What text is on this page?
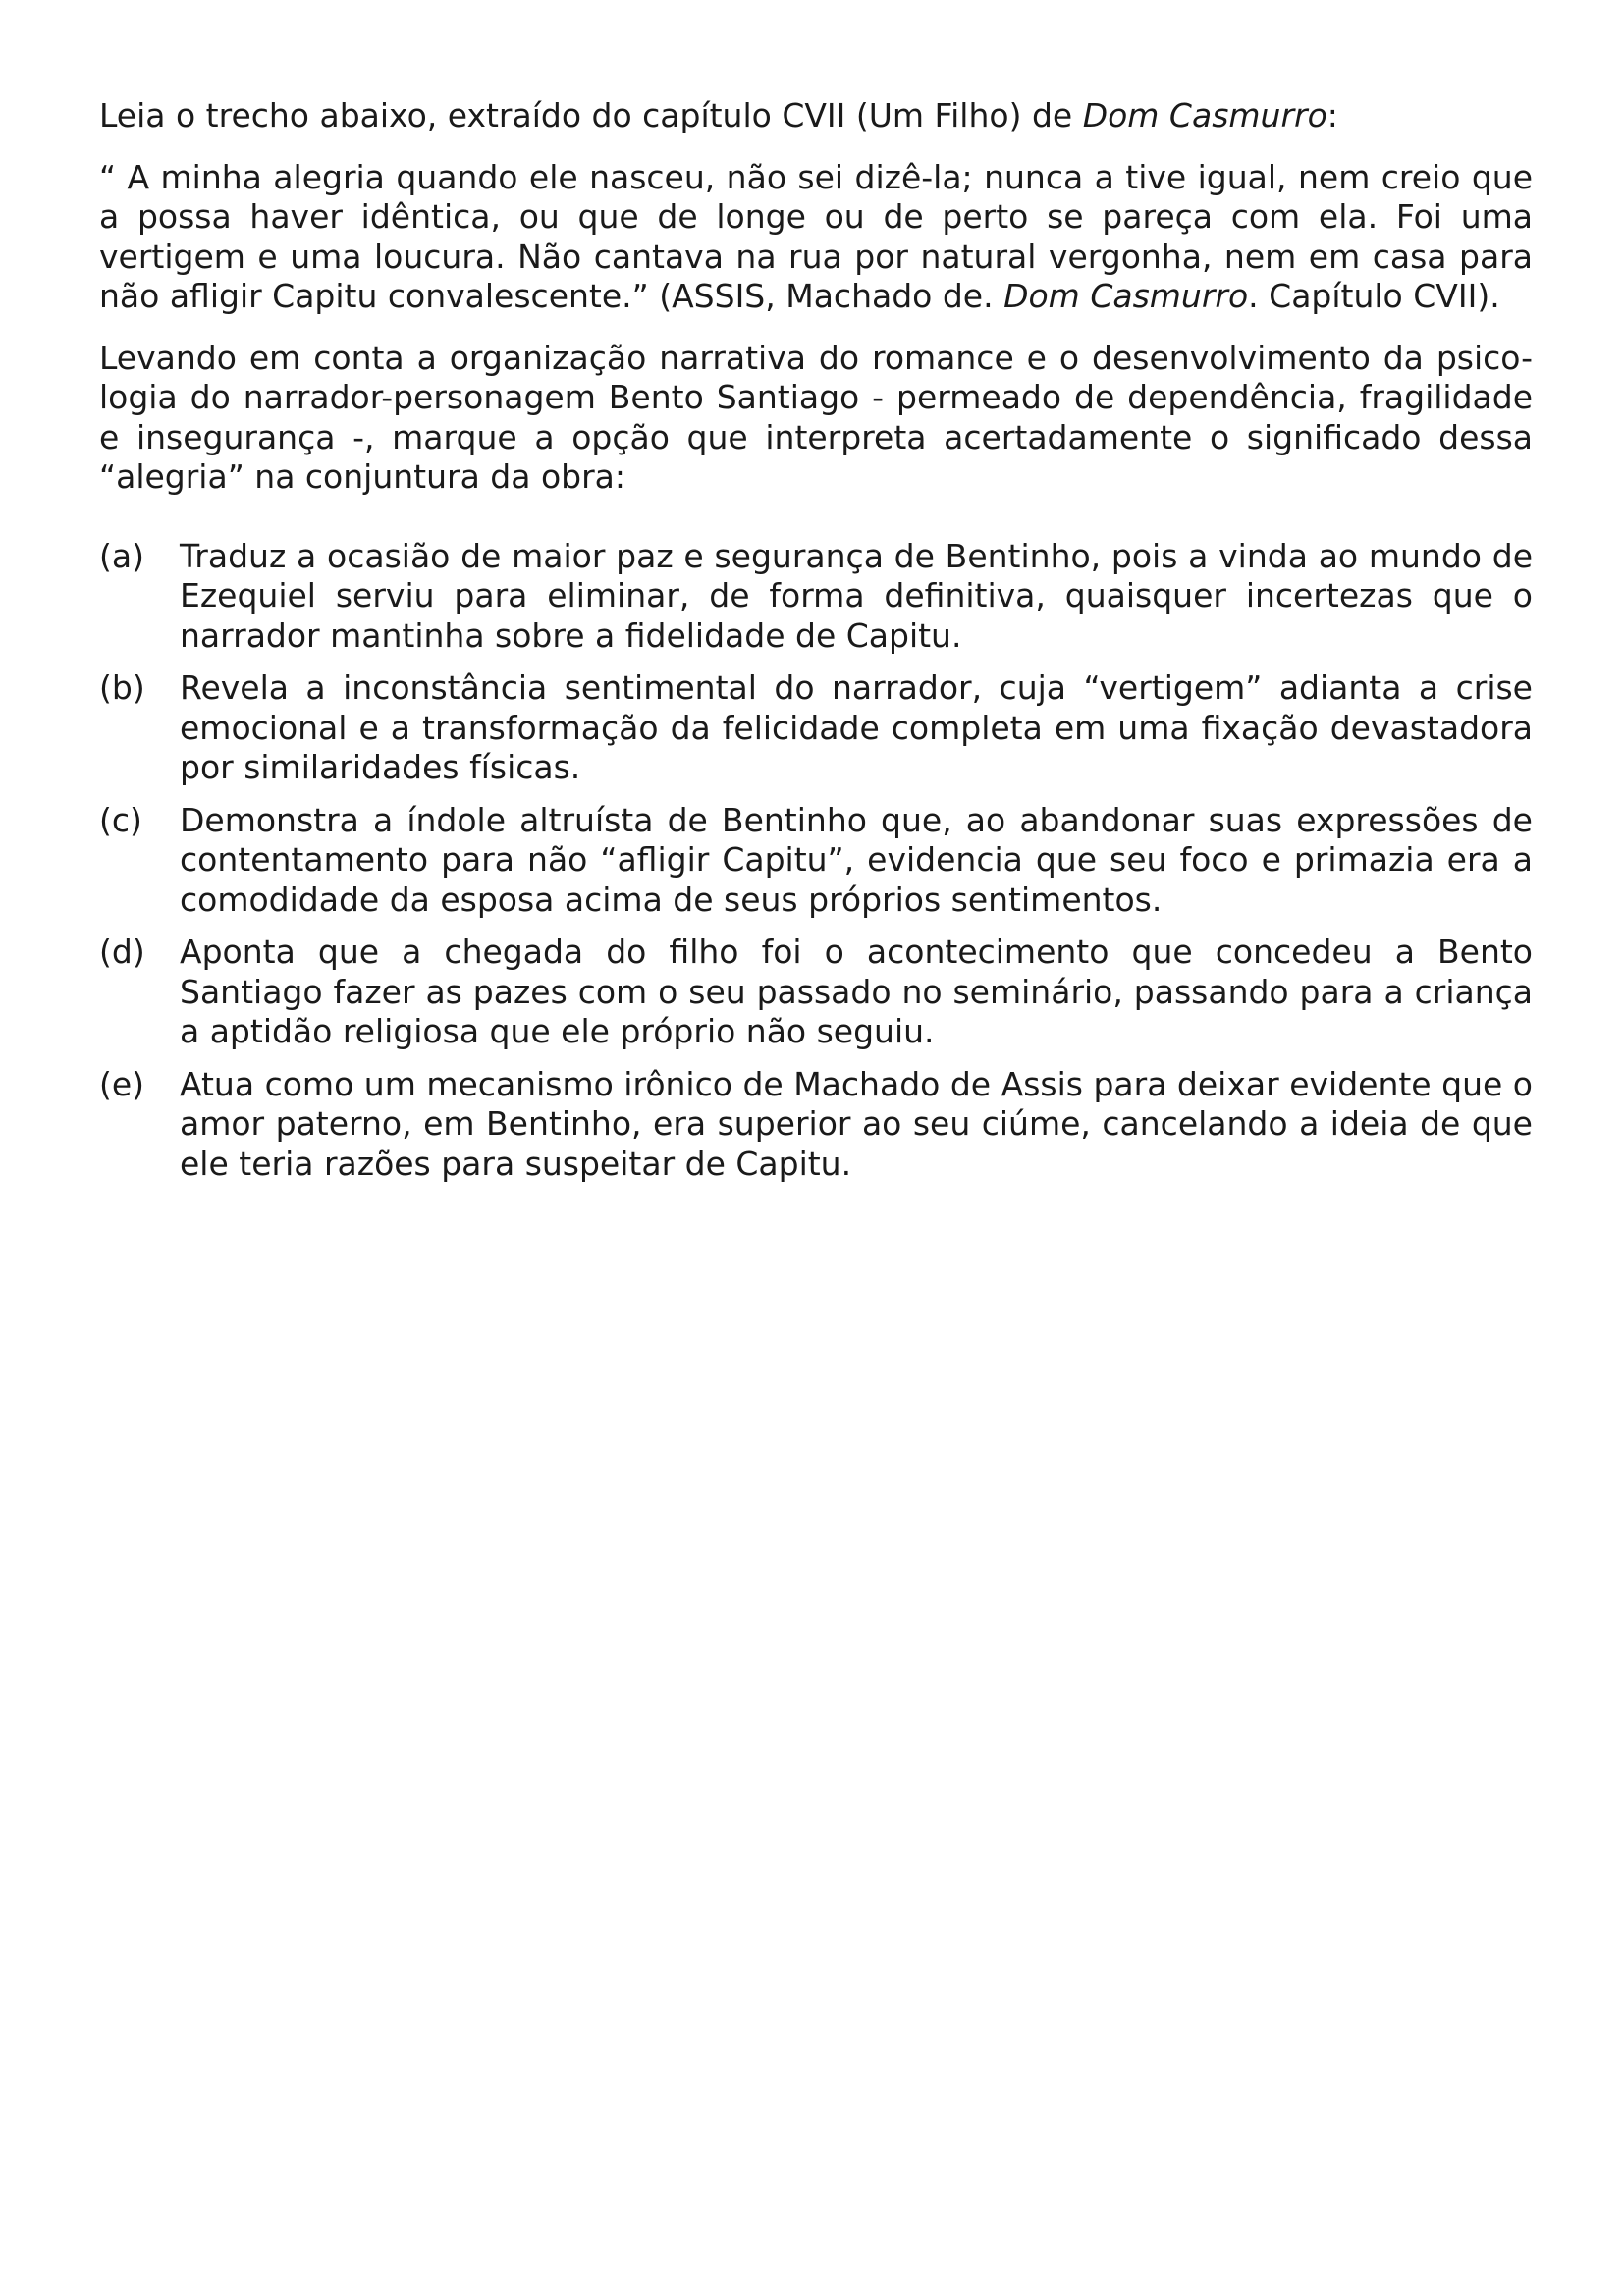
Leia o trecho abaixo, extraído do capítulo CVII (Um Filho) de Dom Casmurro:

“ A minha alegria quando ele nasceu, não sei dizê-la; nunca a tive igual, nem creio que a possa haver idêntica, ou que de longe ou de perto se pareça com ela. Foi uma vertigem e uma loucura. Não cantava na rua por natural vergonha, nem em casa para não afligir Capitu convalescente.” (ASSIS, Machado de. Dom Casmurro. Capítulo CVII).

Levando em conta a organização narrativa do romance e o desenvolvimento da psico-logia do narrador-personagem Bento Santiago - permeado de dependência, fragilidade e insegurança -, marque a opção que interpreta acertadamente o significado dessa “alegria” na conjuntura da obra:

(a)	Traduz a ocasião de maior paz e segurança de Bentinho, pois a vinda ao mundo de Ezequiel serviu para eliminar, de forma definitiva, quaisquer incertezas que o narrador mantinha sobre a fidelidade de Capitu.
(b)	Revela a inconstância sentimental do narrador, cuja “vertigem” adianta a crise emocional e a transformação da felicidade completa em uma fixação devastadora por similaridades físicas.
(c)	Demonstra a índole altruísta de Bentinho que, ao abandonar suas expressões de contentamento para não “afligir Capitu”, evidencia que seu foco e primazia era a comodidade da esposa acima de seus próprios sentimentos.
(d)	Aponta que a chegada do filho foi o acontecimento que concedeu a Bento Santiago fazer as pazes com o seu passado no seminário, passando para a criança a aptidão religiosa que ele próprio não seguiu.
(e)	Atua como um mecanismo irônico de Machado de Assis para deixar evidente que o amor paterno, em Bentinho, era superior ao seu ciúme, cancelando a ideia de que ele teria razões para suspeitar de Capitu.
